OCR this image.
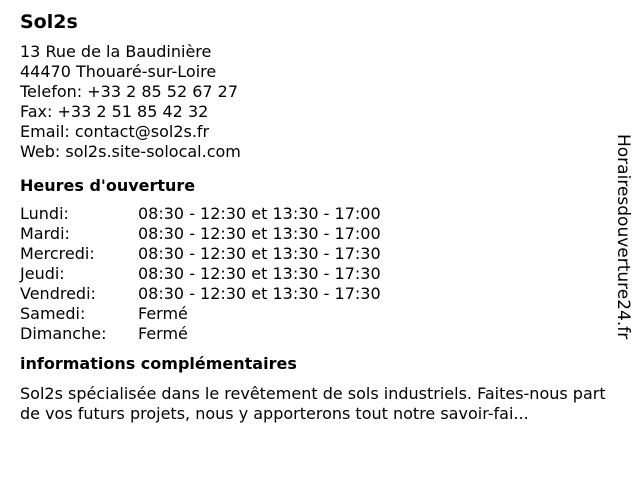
Sol2s
13 Rue de la Baudinière
44470 Thouaré-sur-Loire
Telefon: +33 2 85 52 67 27
Fax: +33 2 51 85 42 32
Email: contact@sol2s.fr
Web: sol2s.site-solocal.com
Heures d'ouverture
Lundi:	08:30 - 12:30 et 13:30 - 17:00
Mardi:	08:30 - 12:30 et 13:30 - 17:00
Mercredi:	08:30 - 12:30 et 13:30 - 17:30
Jeudi:	08:30 - 12:30 et 13:30 - 17:30
Vendredi:	08:30 - 12:30 et 13:30 - 17:30
Samedi:	Fermé
Dimanche:	Fermé
informations complémentaires
Sol2s spécialisée dans le revêtement de sols industriels. Faites-nous part de vos futurs projets, nous y apporterons tout notre savoir-fai...
Horairesdouverture24.fr
